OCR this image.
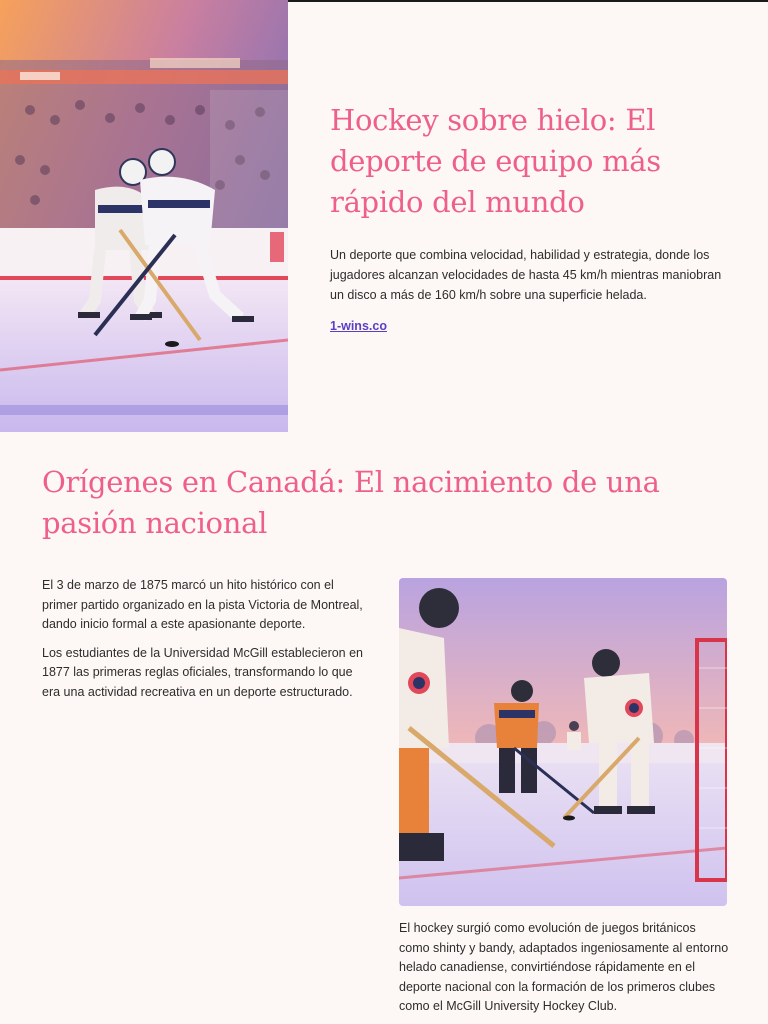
Hockey sobre hielo: El deporte de equipo más rápido del mundo

Un deporte que combina velocidad, habilidad y estrategia, donde los jugadores alcanzan velocidades de hasta 45 km/h mientras maniobran un disco a más de 160 km/h sobre una superficie helada.

1-wins.co
Orígenes en Canadá: El nacimiento de una pasión nacional

El 3 de marzo de 1875 marcó un hito histórico con el primer partido organizado en la pista Victoria de Montreal, dando inicio formal a este apasionante deporte.

Los estudiantes de la Universidad McGill establecieron en 1877 las primeras reglas oficiales, transformando lo que era una actividad recreativa en un deporte estructurado.

El hockey surgió como evolución de juegos británicos como shinty y bandy, adaptados ingeniosamente al entorno helado canadiense, convirtiéndose rápidamente en el deporte nacional con la formación de los primeros clubes como el McGill University Hockey Club.
